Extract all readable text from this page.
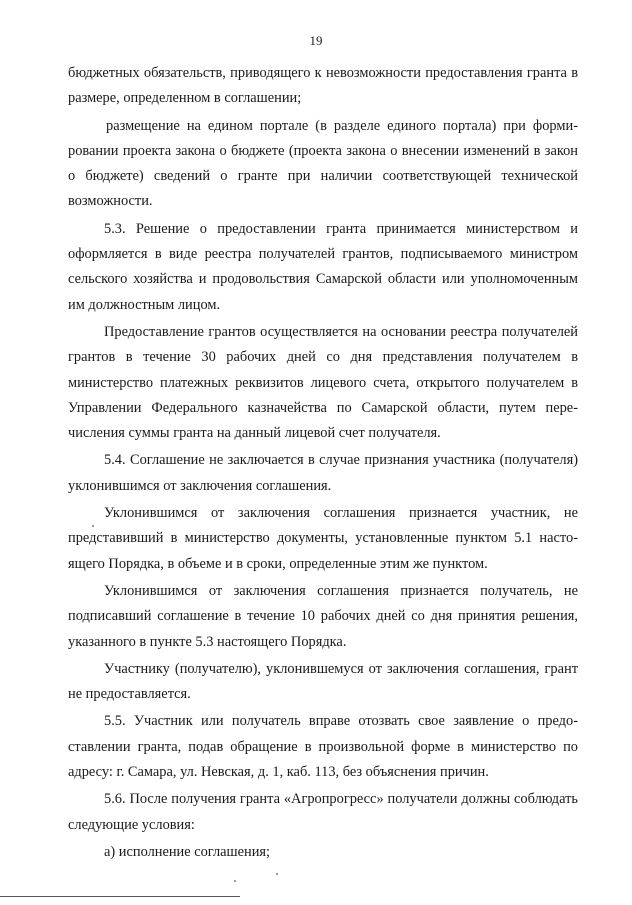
19

бюджетных обязательств, приводящего к невозможности предоставления гранта в размере, определенном в соглашении;

размещение на едином портале (в разделе единого портала) при формировании проекта закона о бюджете (проекта закона о внесении изменений в закон о бюджете) сведений о гранте при наличии соответствующей технической возможности.

5.3. Решение о предоставлении гранта принимается министерством и оформляется в виде реестра получателей грантов, подписываемого министром сельского хозяйства и продовольствия Самарской области или уполномоченным им должностным лицом.

Предоставление грантов осуществляется на основании реестра получателей грантов в течение 30 рабочих дней со дня представления получателем в министерство платежных реквизитов лицевого счета, открытого получателем в Управлении Федерального казначейства по Самарской области, путем перечисления суммы гранта на данный лицевой счет получателя.

5.4. Соглашение не заключается в случае признания участника (получателя) уклонившимся от заключения соглашения.

Уклонившимся от заключения соглашения признается участник, не представивший в министерство документы, установленные пунктом 5.1 настоящего Порядка, в объеме и в сроки, определенные этим же пунктом.

Уклонившимся от заключения соглашения признается получатель, не подписавший соглашение в течение 10 рабочих дней со дня принятия решения, указанного в пункте 5.3 настоящего Порядка.

Участнику (получателю), уклонившемуся от заключения соглашения, грант не предоставляется.

5.5. Участник или получатель вправе отозвать свое заявление о предоставлении гранта, подав обращение в произвольной форме в министерство по адресу: г. Самара, ул. Невская, д. 1, каб. 113, без объяснения причин.

5.6. После получения гранта «Агропрогресс» получатели должны соблюдать следующие условия:

а) исполнение соглашения;
